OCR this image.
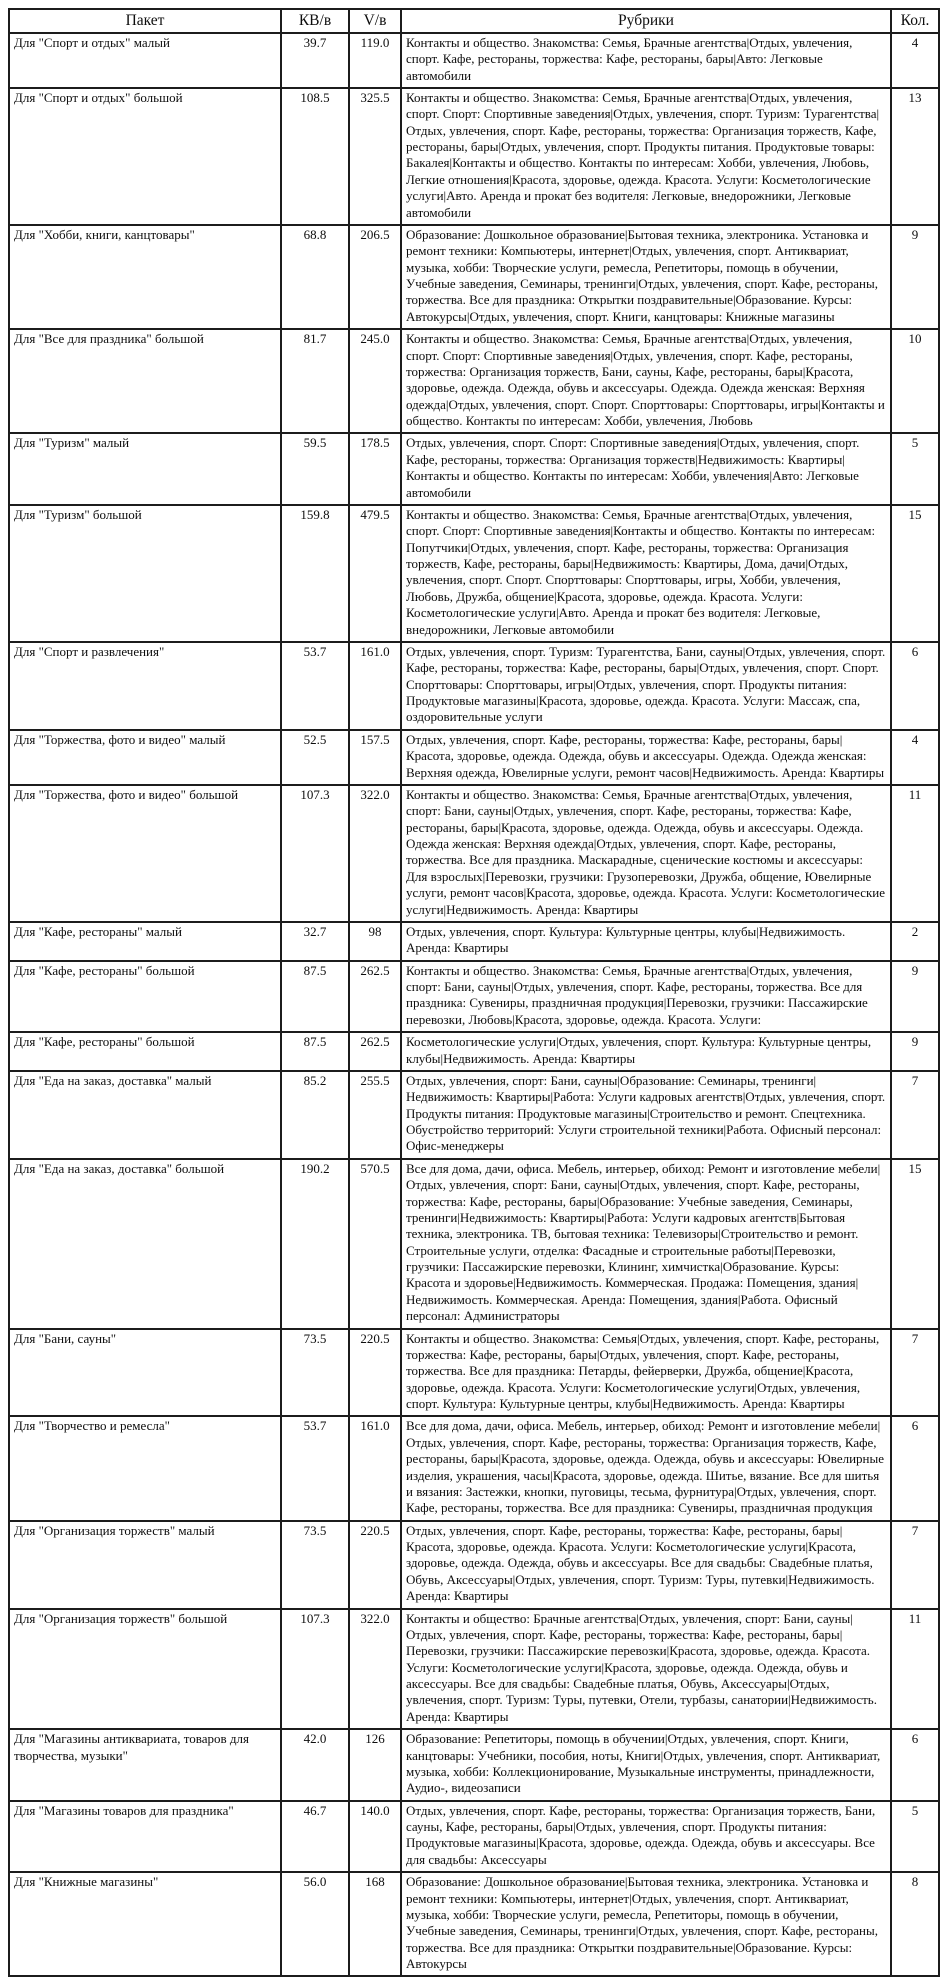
Пакет	КВ/в	V/в	Рубрики	Кол.
Для "Спорт и отдых" малый	39.7	119.0	Контакты и общество. Знакомства: Семья, Брачные агентства|Отдых, увлечения, спорт. Кафе, рестораны, торжества: Кафе, рестораны, бары|Авто: Легковые автомобили	4
Для "Спорт и отдых" большой	108.5	325.5	Контакты и общество. Знакомства: Семья, Брачные агентства|Отдых, увлечения, спорт. Спорт: Спортивные заведения|Отдых, увлечения, спорт. Туризм: Турагентства|Отдых, увлечения, спорт. Кафе, рестораны, торжества: Организация торжеств, Кафе, рестораны, бары|Отдых, увлечения, спорт. Продукты питания. Продуктовые товары: Бакалея|Контакты и общество. Контакты по интересам: Хобби, увлечения, Любовь, Легкие отношения|Красота, здоровье, одежда. Красота. Услуги: Косметологические услуги|Авто. Аренда и прокат без водителя: Легковые, внедорожники, Легковые автомобили	13
Для "Хобби, книги, канцтовары"	68.8	206.5	Образование: Дошкольное образование|Бытовая техника, электроника. Установка и ремонт техники: Компьютеры, интернет|Отдых, увлечения, спорт. Антиквариат, музыка, хобби: Творческие услуги, ремесла, Репетиторы, помощь в обучении, Учебные заведения, Семинары, тренинги|Отдых, увлечения, спорт. Кафе, рестораны, торжества. Все для праздника: Открытки поздравительные|Образование. Курсы: Автокурсы|Отдых, увлечения, спорт. Книги, канцтовары: Книжные магазины	9
Для "Все для праздника" большой	81.7	245.0	Контакты и общество. Знакомства: Семья, Брачные агентства|Отдых, увлечения, спорт. Спорт: Спортивные заведения|Отдых, увлечения, спорт. Кафе, рестораны, торжества: Организация торжеств, Бани, сауны, Кафе, рестораны, бары|Красота, здоровье, одежда. Одежда, обувь и аксессуары. Одежда. Одежда женская: Верхняя одежда|Отдых, увлечения, спорт. Спорт. Спорттовары: Спорттовары, игры|Контакты и общество. Контакты по интересам: Хобби, увлечения, Любовь	10
Для "Туризм" малый	59.5	178.5	Отдых, увлечения, спорт. Спорт: Спортивные заведения|Отдых, увлечения, спорт. Кафе, рестораны, торжества: Организация торжеств|Недвижимость: Квартиры|Контакты и общество. Контакты по интересам: Хобби, увлечения|Авто: Легковые автомобили	5
Для "Туризм" большой	159.8	479.5	Контакты и общество. Знакомства: Семья, Брачные агентства|Отдых, увлечения, спорт. Спорт: Спортивные заведения|Контакты и общество. Контакты по интересам: Попутчики|Отдых, увлечения, спорт. Кафе, рестораны, торжества: Организация торжеств, Кафе, рестораны, бары|Недвижимость: Квартиры, Дома, дачи|Отдых, увлечения, спорт. Спорт. Спорттовары: Спорттовары, игры, Хобби, увлечения, Любовь, Дружба, общение|Красота, здоровье, одежда. Красота. Услуги: Косметологические услуги|Авто. Аренда и прокат без водителя: Легковые, внедорожники, Легковые автомобили	15
Для "Спорт и развлечения"	53.7	161.0	Отдых, увлечения, спорт. Туризм: Турагентства, Бани, сауны|Отдых, увлечения, спорт. Кафе, рестораны, торжества: Кафе, рестораны, бары|Отдых, увлечения, спорт. Спорт. Спорттовары: Спорттовары, игры|Отдых, увлечения, спорт. Продукты питания: Продуктовые магазины|Красота, здоровье, одежда. Красота. Услуги: Массаж, спа, оздоровительные услуги	6
Для "Торжества, фото и видео" малый	52.5	157.5	Отдых, увлечения, спорт. Кафе, рестораны, торжества: Кафе, рестораны, бары|Красота, здоровье, одежда. Одежда, обувь и аксессуары. Одежда. Одежда женская: Верхняя одежда, Ювелирные услуги, ремонт часов|Недвижимость. Аренда: Квартиры	4
Для "Торжества, фото и видео" большой	107.3	322.0	Контакты и общество. Знакомства: Семья, Брачные агентства|Отдых, увлечения, спорт: Бани, сауны|Отдых, увлечения, спорт. Кафе, рестораны, торжества: Кафе, рестораны, бары|Красота, здоровье, одежда. Одежда, обувь и аксессуары. Одежда. Одежда женская: Верхняя одежда|Отдых, увлечения, спорт. Кафе, рестораны, торжества. Все для праздника. Маскарадные, сценические костюмы и аксессуары: Для взрослых|Перевозки, грузчики: Грузоперевозки, Дружба, общение, Ювелирные услуги, ремонт часов|Красота, здоровье, одежда. Красота. Услуги: Косметологические услуги|Недвижимость. Аренда: Квартиры	11
Для "Кафе, рестораны" малый	32.7	98	Отдых, увлечения, спорт. Культура: Культурные центры, клубы|Недвижимость. Аренда: Квартиры	2
Для "Кафе, рестораны" большой	87.5	262.5	Контакты и общество. Знакомства: Семья, Брачные агентства|Отдых, увлечения, спорт: Бани, сауны|Отдых, увлечения, спорт. Кафе, рестораны, торжества. Все для праздника: Сувениры, праздничная продукция|Перевозки, грузчики: Пассажирские перевозки, Любовь|Красота, здоровье, одежда. Красота. Услуги:	9
Для "Кафе, рестораны" большой	87.5	262.5	Косметологические услуги|Отдых, увлечения, спорт. Культура: Культурные центры, клубы|Недвижимость. Аренда: Квартиры	9
Для "Еда на заказ, доставка" малый	85.2	255.5	Отдых, увлечения, спорт: Бани, сауны|Образование: Семинары, тренинги|Недвижимость: Квартиры|Работа: Услуги кадровых агентств|Отдых, увлечения, спорт. Продукты питания: Продуктовые магазины|Строительство и ремонт. Спецтехника. Обустройство территорий: Услуги строительной техники|Работа. Офисный персонал: Офис-менеджеры	7
Для "Еда на заказ, доставка" большой	190.2	570.5	Все для дома, дачи, офиса. Мебель, интерьер, обиход: Ремонт и изготовление мебели|Отдых, увлечения, спорт: Бани, сауны|Отдых, увлечения, спорт. Кафе, рестораны, торжества: Кафе, рестораны, бары|Образование: Учебные заведения, Семинары, тренинги|Недвижимость: Квартиры|Работа: Услуги кадровых агентств|Бытовая техника, электроника. ТВ, бытовая техника: Телевизоры|Строительство и ремонт. Строительные услуги, отделка: Фасадные и строительные работы|Перевозки, грузчики: Пассажирские перевозки, Клининг, химчистка|Образование. Курсы: Красота и здоровье|Недвижимость. Коммерческая. Продажа: Помещения, здания|Недвижимость. Коммерческая. Аренда: Помещения, здания|Работа. Офисный персонал: Администраторы	15
Для "Бани, сауны"	73.5	220.5	Контакты и общество. Знакомства: Семья|Отдых, увлечения, спорт. Кафе, рестораны, торжества: Кафе, рестораны, бары|Отдых, увлечения, спорт. Кафе, рестораны, торжества. Все для праздника: Петарды, фейерверки, Дружба, общение|Красота, здоровье, одежда. Красота. Услуги: Косметологические услуги|Отдых, увлечения, спорт. Культура: Культурные центры, клубы|Недвижимость. Аренда: Квартиры	7
Для "Творчество и ремесла"	53.7	161.0	Все для дома, дачи, офиса. Мебель, интерьер, обиход: Ремонт и изготовление мебели|Отдых, увлечения, спорт. Кафе, рестораны, торжества: Организация торжеств, Кафе, рестораны, бары|Красота, здоровье, одежда. Одежда, обувь и аксессуары: Ювелирные изделия, украшения, часы|Красота, здоровье, одежда. Шитье, вязание. Все для шитья и вязания: Застежки, кнопки, пуговицы, тесьма, фурнитура|Отдых, увлечения, спорт. Кафе, рестораны, торжества. Все для праздника: Сувениры, праздничная продукция	6
Для "Организация торжеств" малый	73.5	220.5	Отдых, увлечения, спорт. Кафе, рестораны, торжества: Кафе, рестораны, бары|Красота, здоровье, одежда. Красота. Услуги: Косметологические услуги|Красота, здоровье, одежда. Одежда, обувь и аксессуары. Все для свадьбы: Свадебные платья, Обувь, Аксессуары|Отдых, увлечения, спорт. Туризм: Туры, путевки|Недвижимость. Аренда: Квартиры	7
Для "Организация торжеств" большой	107.3	322.0	Контакты и общество: Брачные агентства|Отдых, увлечения, спорт: Бани, сауны|Отдых, увлечения, спорт. Кафе, рестораны, торжества: Кафе, рестораны, бары|Перевозки, грузчики: Пассажирские перевозки|Красота, здоровье, одежда. Красота. Услуги: Косметологические услуги|Красота, здоровье, одежда. Одежда, обувь и аксессуары. Все для свадьбы: Свадебные платья, Обувь, Аксессуары|Отдых, увлечения, спорт. Туризм: Туры, путевки, Отели, турбазы, санатории|Недвижимость. Аренда: Квартиры	11
Для "Магазины антиквариата, товаров для творчества, музыки"	42.0	126	Образование: Репетиторы, помощь в обучении|Отдых, увлечения, спорт. Книги, канцтовары: Учебники, пособия, ноты, Книги|Отдых, увлечения, спорт. Антиквариат, музыка, хобби: Коллекционирование, Музыкальные инструменты, принадлежности, Аудио-, видеозаписи	6
Для "Магазины товаров для праздника"	46.7	140.0	Отдых, увлечения, спорт. Кафе, рестораны, торжества: Организация торжеств, Бани, сауны, Кафе, рестораны, бары|Отдых, увлечения, спорт. Продукты питания: Продуктовые магазины|Красота, здоровье, одежда. Одежда, обувь и аксессуары. Все для свадьбы: Аксессуары	5
Для "Книжные магазины"	56.0	168	Образование: Дошкольное образование|Бытовая техника, электроника. Установка и ремонт техники: Компьютеры, интернет|Отдых, увлечения, спорт. Антиквариат, музыка, хобби: Творческие услуги, ремесла, Репетиторы, помощь в обучении, Учебные заведения, Семинары, тренинги|Отдых, увлечения, спорт. Кафе, рестораны, торжества. Все для праздника: Открытки поздравительные|Образование. Курсы: Автокурсы	8
